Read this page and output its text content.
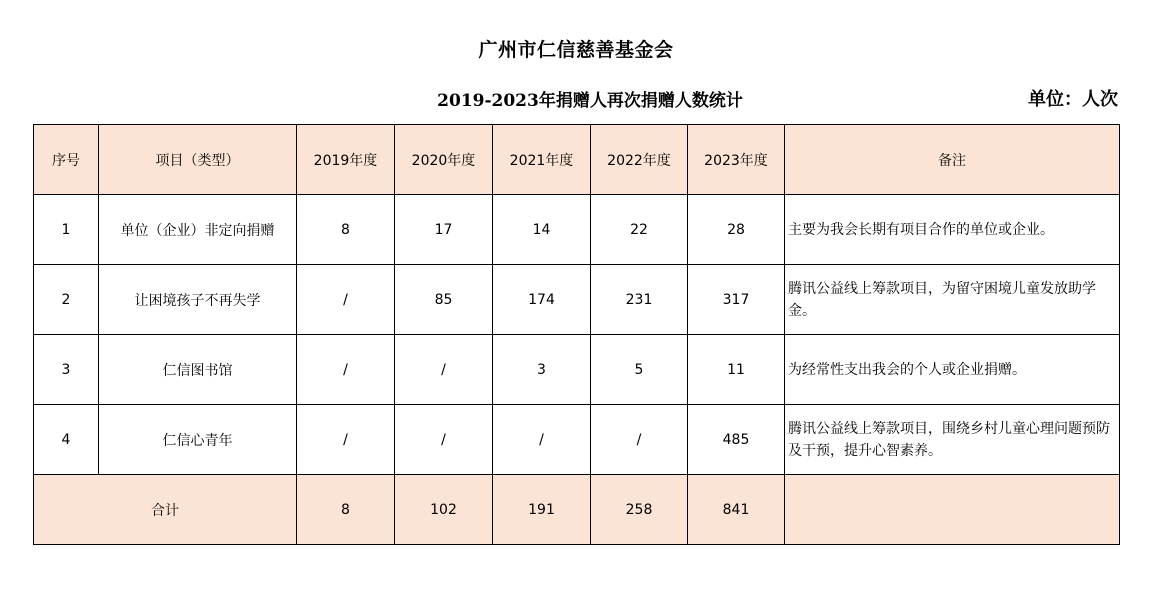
广州市仁信慈善基金会
2019-2023年捐赠人再次捐赠人数统计	单位：人次
序号	项目（类型）	2019年度	2020年度	2021年度	2022年度	2023年度	备注
1	单位（企业）非定向捐赠	8	17	14	22	28	主要为我会长期有项目合作的单位或企业。
2	让困境孩子不再失学	/	85	174	231	317	腾讯公益线上筹款项目，为留守困境儿童发放助学金。
3	仁信图书馆	/	/	3	5	11	为经常性支出我会的个人或企业捐赠。
4	仁信心青年	/	/	/	/	485	腾讯公益线上筹款项目，围绕乡村儿童心理问题预防及干预，提升心智素养。
合计		8	102	191	258	841	
